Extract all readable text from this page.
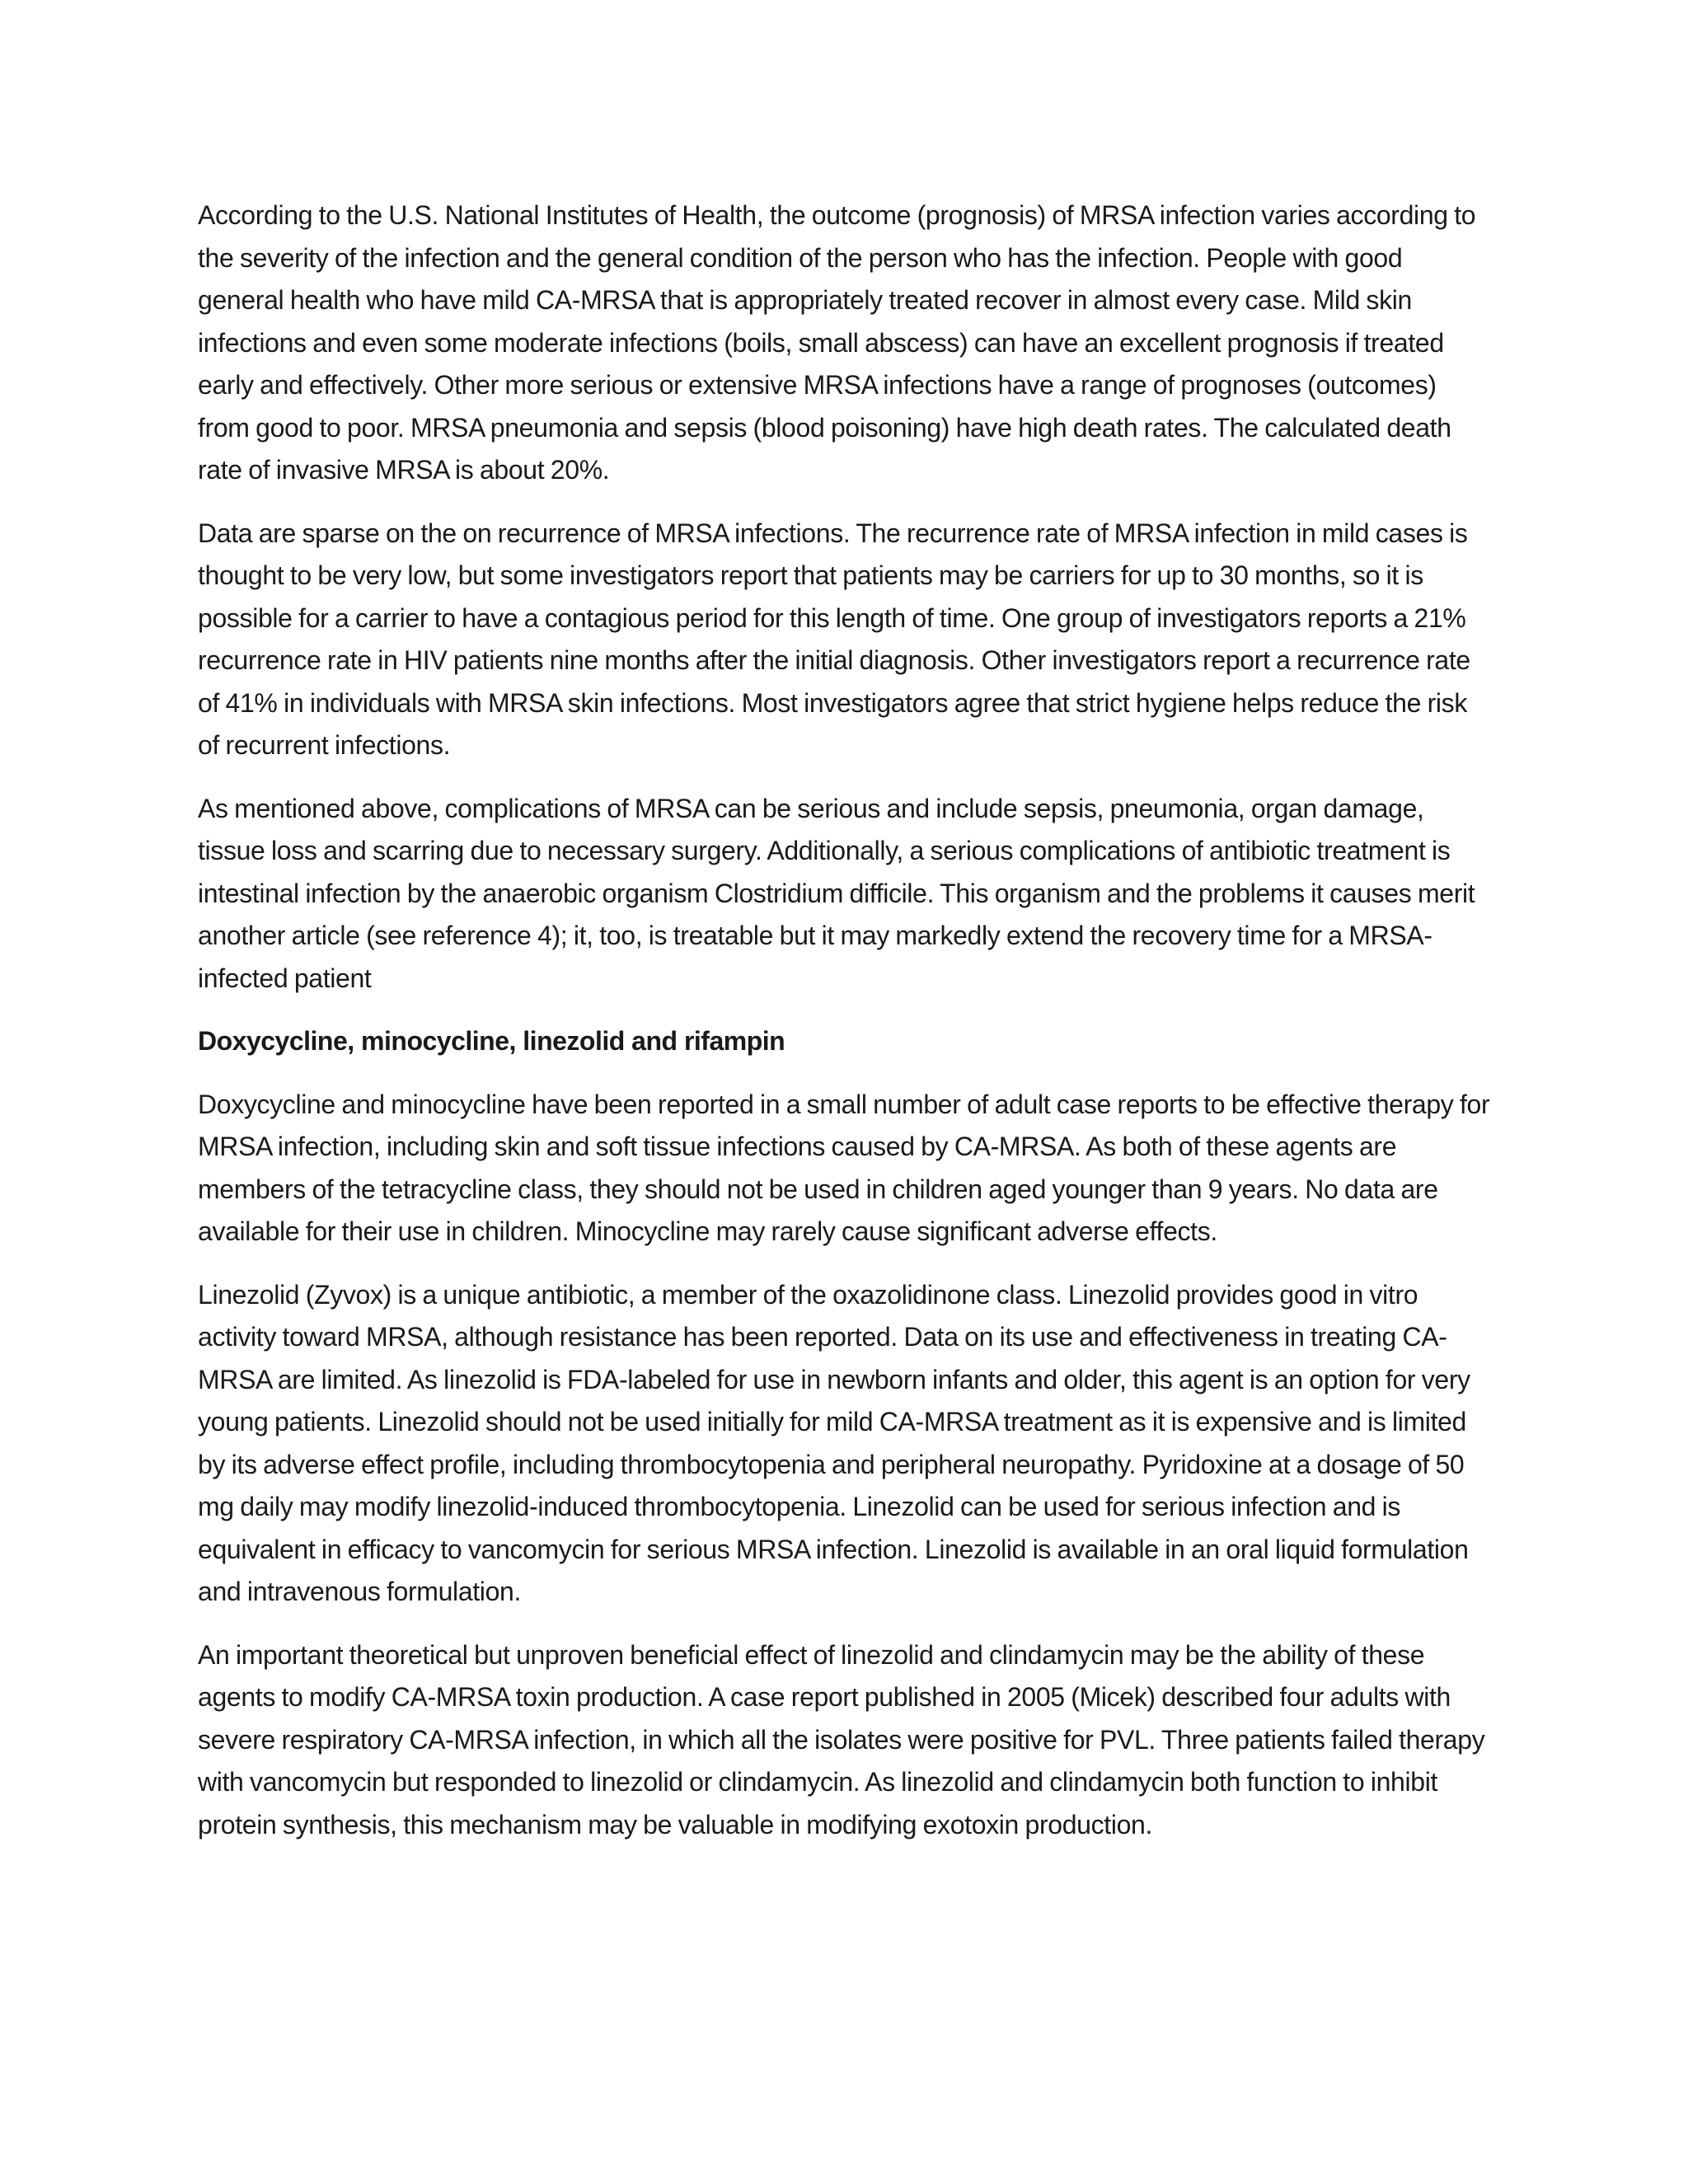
According to the U.S. National Institutes of Health, the outcome (prognosis) of MRSA infection varies according to the severity of the infection and the general condition of the person who has the infection. People with good general health who have mild CA-MRSA that is appropriately treated recover in almost every case. Mild skin infections and even some moderate infections (boils, small abscess) can have an excellent prognosis if treated early and effectively. Other more serious or extensive MRSA infections have a range of prognoses (outcomes) from good to poor. MRSA pneumonia and sepsis (blood poisoning) have high death rates. The calculated death rate of invasive MRSA is about 20%.

Data are sparse on the on recurrence of MRSA infections. The recurrence rate of MRSA infection in mild cases is thought to be very low, but some investigators report that patients may be carriers for up to 30 months, so it is possible for a carrier to have a contagious period for this length of time. One group of investigators reports a 21% recurrence rate in HIV patients nine months after the initial diagnosis. Other investigators report a recurrence rate of 41% in individuals with MRSA skin infections. Most investigators agree that strict hygiene helps reduce the risk of recurrent infections.

As mentioned above, complications of MRSA can be serious and include sepsis, pneumonia, organ damage, tissue loss and scarring due to necessary surgery. Additionally, a serious complications of antibiotic treatment is intestinal infection by the anaerobic organism Clostridium difficile. This organism and the problems it causes merit another article (see reference 4); it, too, is treatable but it may markedly extend the recovery time for a MRSA-infected patient

Doxycycline, minocycline, linezolid and rifampin

Doxycycline and minocycline have been reported in a small number of adult case reports to be effective therapy for MRSA infection, including skin and soft tissue infections caused by CA-MRSA. As both of these agents are members of the tetracycline class, they should not be used in children aged younger than 9 years. No data are available for their use in children. Minocycline may rarely cause significant adverse effects.

Linezolid (Zyvox) is a unique antibiotic, a member of the oxazolidinone class. Linezolid provides good in vitro activity toward MRSA, although resistance has been reported. Data on its use and effectiveness in treating CA-MRSA are limited. As linezolid is FDA-labeled for use in newborn infants and older, this agent is an option for very young patients. Linezolid should not be used initially for mild CA-MRSA treatment as it is expensive and is limited by its adverse effect profile, including thrombocytopenia and peripheral neuropathy. Pyridoxine at a dosage of 50 mg daily may modify linezolid-induced thrombocytopenia. Linezolid can be used for serious infection and is equivalent in efficacy to vancomycin for serious MRSA infection. Linezolid is available in an oral liquid formulation and intravenous formulation.

An important theoretical but unproven beneficial effect of linezolid and clindamycin may be the ability of these agents to modify CA-MRSA toxin production. A case report published in 2005 (Micek) described four adults with severe respiratory CA-MRSA infection, in which all the isolates were positive for PVL. Three patients failed therapy with vancomycin but responded to linezolid or clindamycin. As linezolid and clindamycin both function to inhibit protein synthesis, this mechanism may be valuable in modifying exotoxin production.
